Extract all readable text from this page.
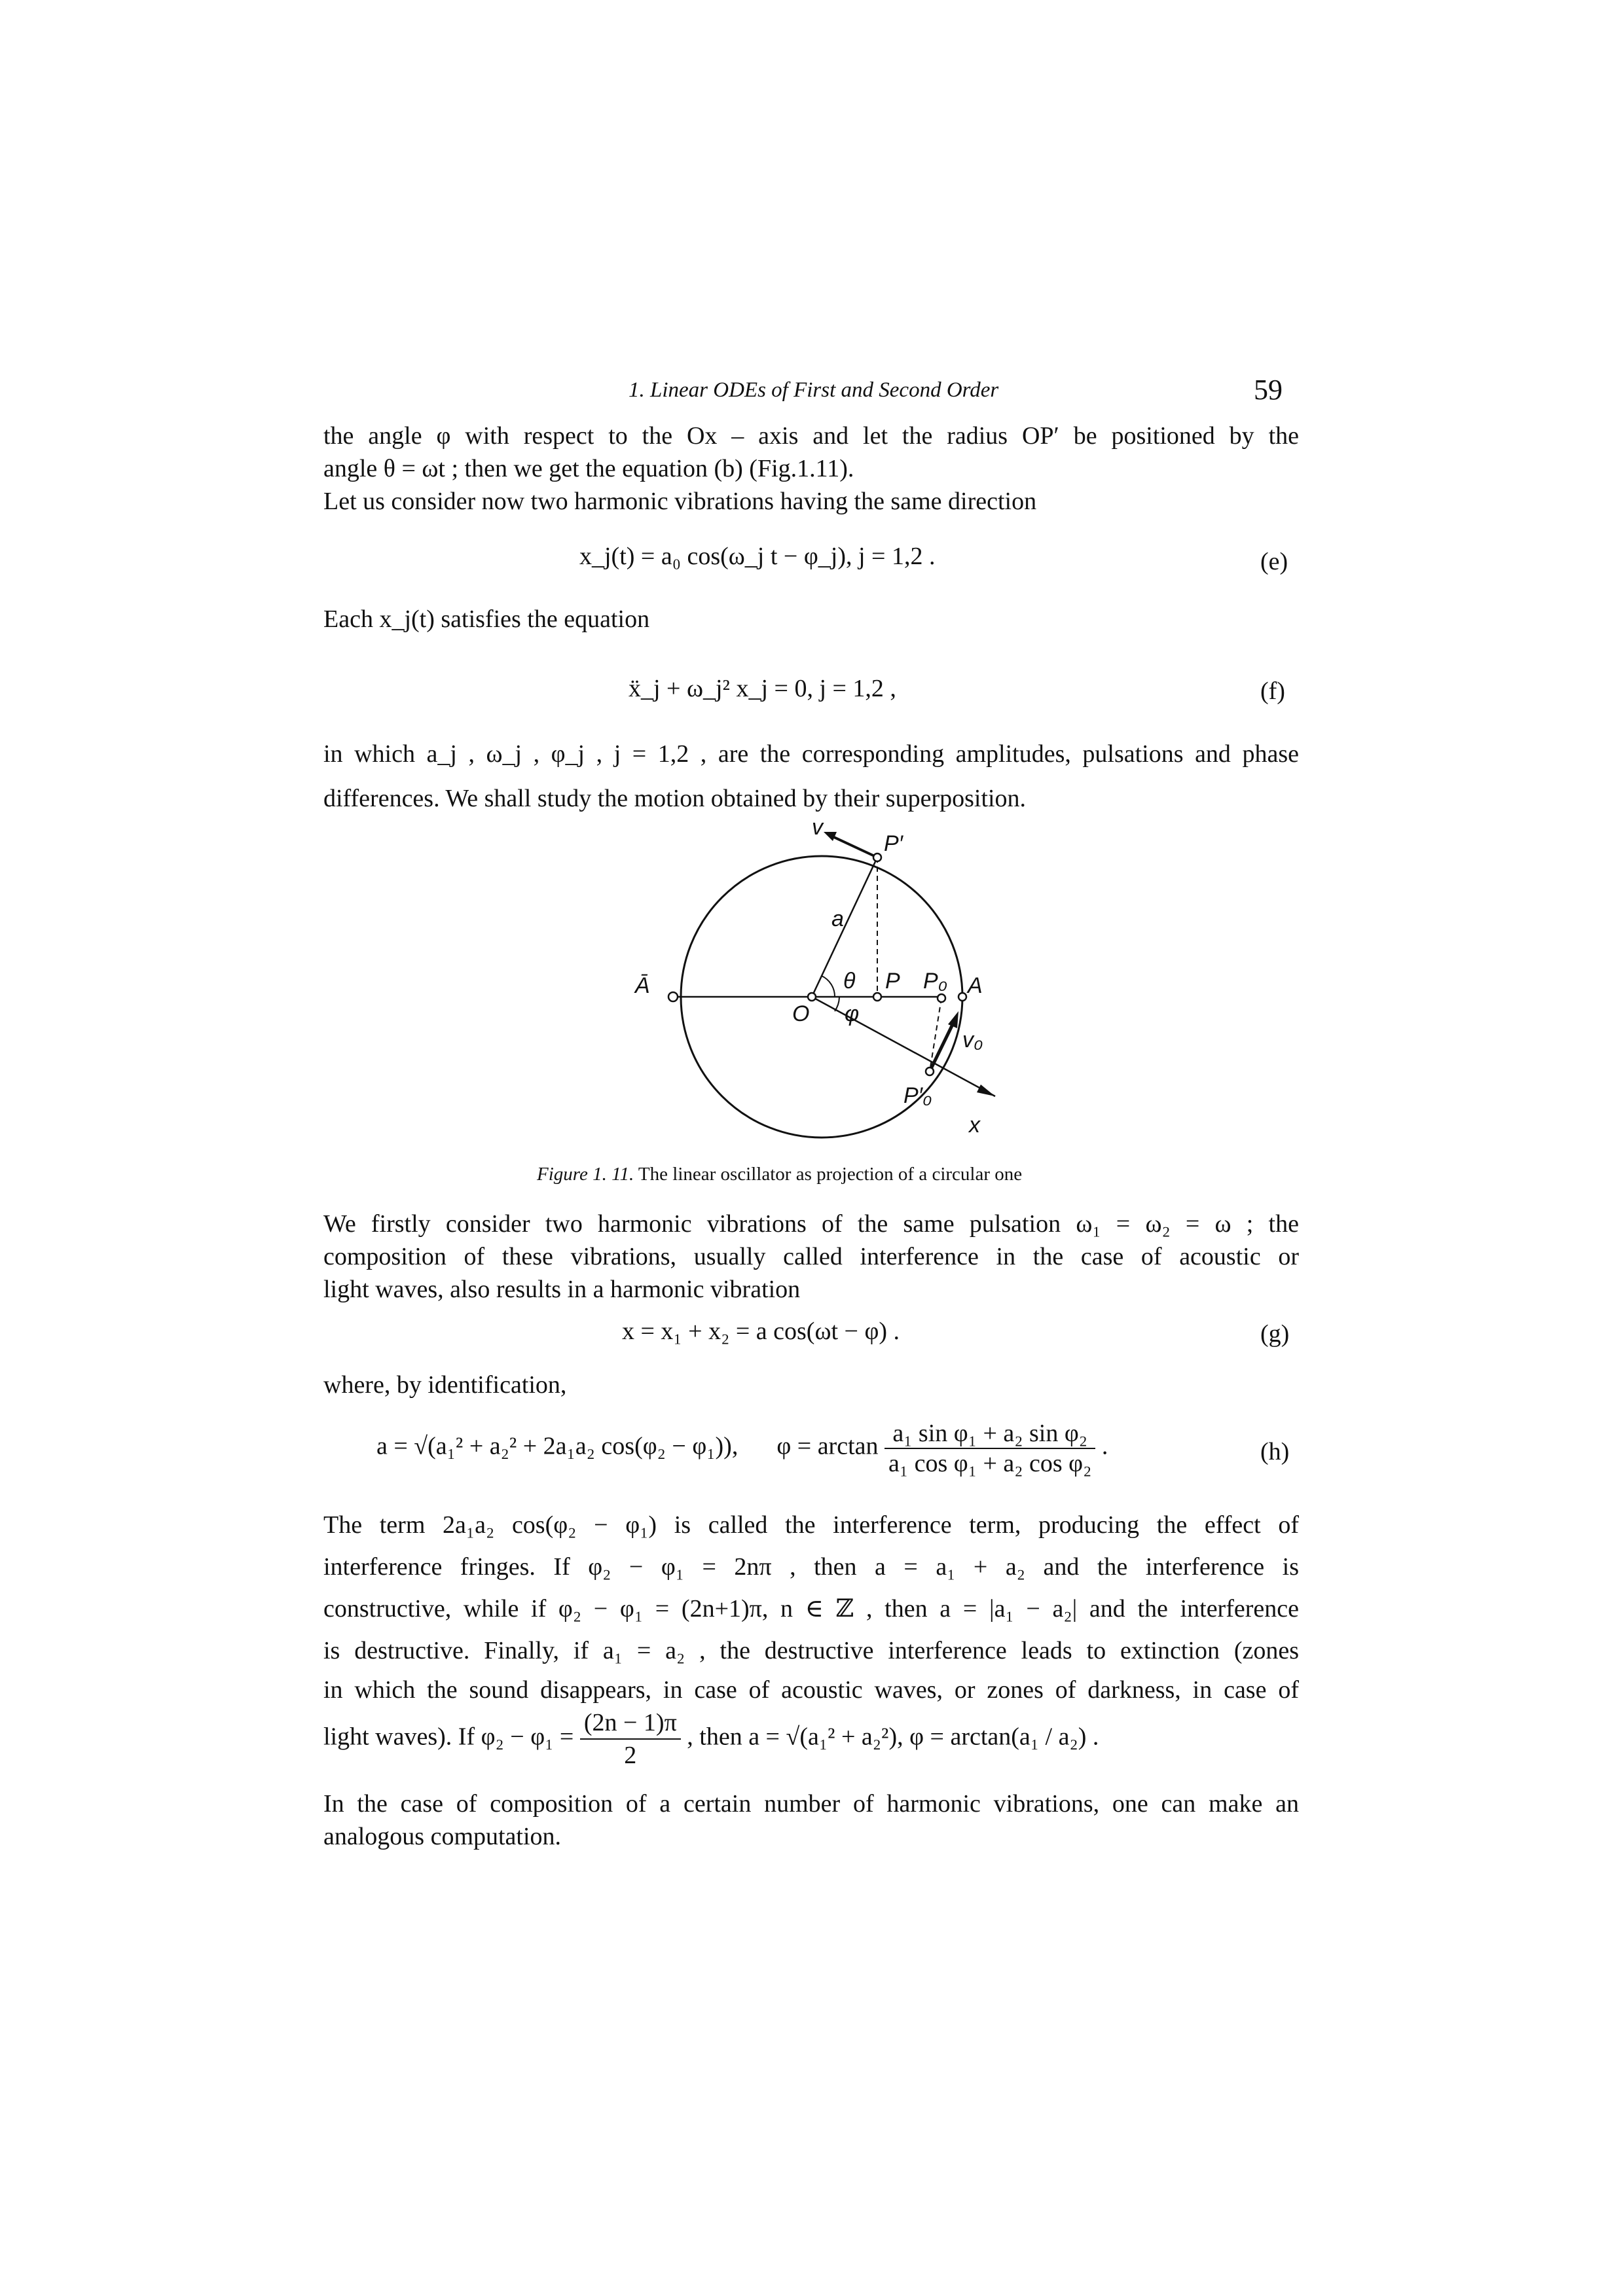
1. Linear ODEs of First and Second Order	59
the angle φ with respect to the Ox – axis and let the radius OP′ be positioned by the
angle θ = ωt ; then we get the equation (b) (Fig.1.11).
Let us consider now two harmonic vibrations having the same direction
x_j(t) = a₀ cos(ω_j t − φ_j), j = 1,2 .	(e)
Each x_j(t) satisfies the equation
ẍ_j + ω_j² x_j = 0, j = 1,2 ,	(f)
in which a_j , ω_j , φ_j , j = 1,2 , are the corresponding amplitudes, pulsations and phase
differences. We shall study the motion obtained by their superposition.
v
P′
a
Ā	θ P P₀ A
O φ
v₀
P′₀
x
Figure 1. 11. The linear oscillator as projection of a circular one
We firstly consider two harmonic vibrations of the same pulsation ω₁ = ω₂ = ω ; the
composition of these vibrations, usually called interference in the case of acoustic or
light waves, also results in a harmonic vibration
x = x₁ + x₂ = a cos(ωt − φ) .	(g)
where, by identification,
a = √(a₁² + a₂² + 2a₁a₂ cos(φ₂ − φ₁)), $\varphi = \arctan \frac{\text{a₁ sin φ₁ + a₂ sin φ₂}}{\text{a₁ cos φ₁ + a₂ cos φ₂}}$ .	(h)
The term 2a₁a₂ cos(φ₂ − φ₁) is called the interference term, producing the effect of
interference fringes. If φ₂ − φ₁ = 2nπ , then a = a₁ + a₂ and the interference is
constructive, while if φ₂ − φ₁ = (2n+1)π, n ∈ ℤ , then a = |a₁ − a₂| and the interference
is destructive. Finally, if a₁ = a₂ , the destructive interference leads to extinction (zones
in which the sound disappears, in case of acoustic waves, or zones of darkness, in case of
light waves). If $\varphi_2 - \varphi_1 = \frac{(2n - 1)\pi}{2}$ , then a = √(a₁² + a₂²), φ = arctan(a₁ / a₂) .
In the case of composition of a certain number of harmonic vibrations, one can make an
analogous computation.
